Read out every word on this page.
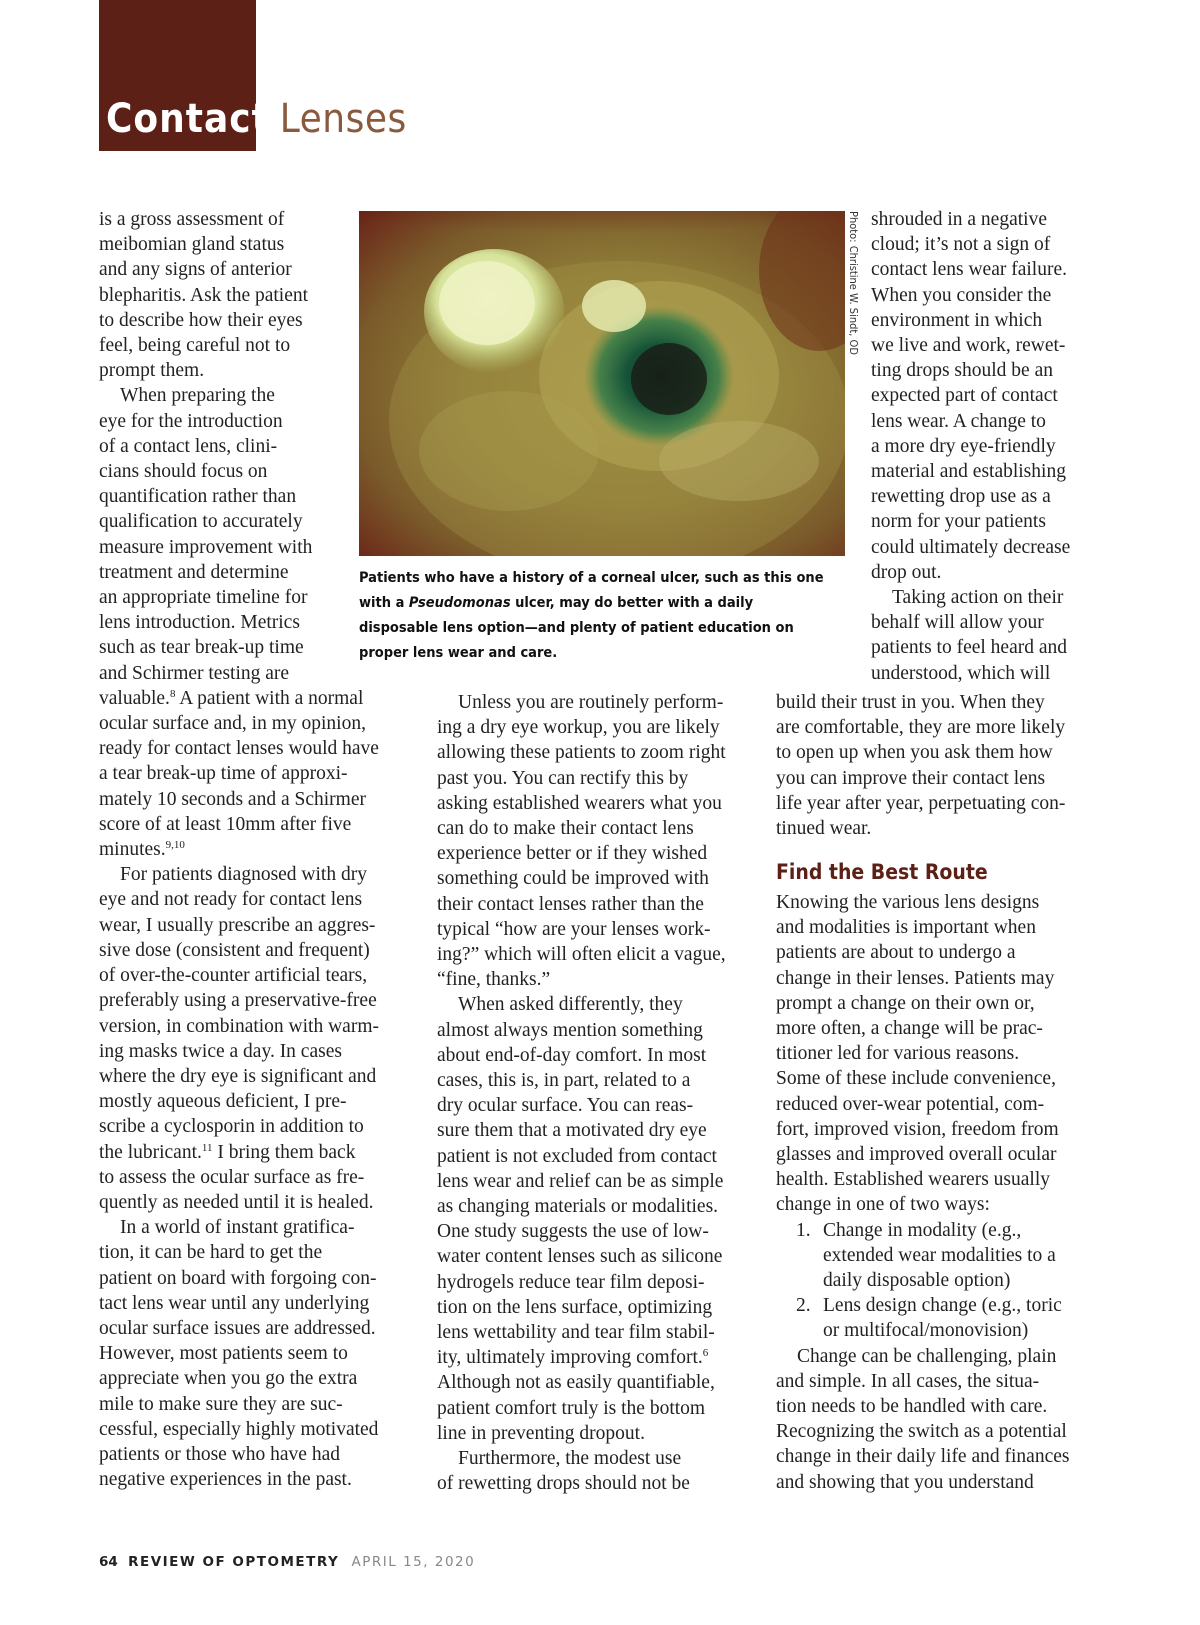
Contact Lenses

is a gross assessment of
meibomian gland status
and any signs of anterior
blepharitis. Ask the patient
to describe how their eyes
feel, being careful not to
prompt them.

When preparing the
eye for the introduction
of a contact lens, clini-
cians should focus on
quantification rather than
qualification to accurately
measure improvement with
treatment and determine
an appropriate timeline for
lens introduction. Metrics
such as tear break-up time
and Schirmer testing are
valuable.$^8$ A patient with a normal
ocular surface and, in my opinion,
ready for contact lenses would have
a tear break-up time of approxi-
mately 10 seconds and a Schirmer
score of at least 10mm after five
minutes.$^{9,10}$

For patients diagnosed with dry
eye and not ready for contact lens
wear, I usually prescribe an aggres-
sive dose (consistent and frequent)
of over-the-counter artificial tears,
preferably using a preservative-free
version, in combination with warm-
ing masks twice a day. In cases
where the dry eye is significant and
mostly aqueous deficient, I pre-
scribe a cyclosporin in addition to
the lubricant.$^{11}$ I bring them back
to assess the ocular surface as fre-
quently as needed until it is healed.

In a world of instant gratifica-
tion, it can be hard to get the
patient on board with forgoing con-
tact lens wear until any underlying
ocular surface issues are addressed.
However, most patients seem to
appreciate when you go the extra
mile to make sure they are suc-
cessful, especially highly motivated
patients or those who have had
negative experiences in the past.

Photo: Christine W. Sindt, OD
Patients who have a history of a corneal ulcer, such as this one with a Pseudomonas ulcer, may do better with a daily disposable lens option—and plenty of patient education on proper lens wear and care.

Unless you are routinely perform-
ing a dry eye workup, you are likely
allowing these patients to zoom right
past you. You can rectify this by
asking established wearers what you
can do to make their contact lens
experience better or if they wished
something could be improved with
their contact lenses rather than the
typical “how are your lenses work-
ing?” which will often elicit a vague,
“fine, thanks.”

When asked differently, they
almost always mention something
about end-of-day comfort. In most
cases, this is, in part, related to a
dry ocular surface. You can reas-
sure them that a motivated dry eye
patient is not excluded from contact
lens wear and relief can be as simple
as changing materials or modalities.
One study suggests the use of low-
water content lenses such as silicone
hydrogels reduce tear film deposi-
tion on the lens surface, optimizing
lens wettability and tear film stabil-
ity, ultimately improving comfort.$^6$
Although not as easily quantifiable,
patient comfort truly is the bottom
line in preventing dropout.

Furthermore, the modest use
of rewetting drops should not be

shrouded in a negative
cloud; it’s not a sign of
contact lens wear failure.
When you consider the
environment in which
we live and work, rewet-
ting drops should be an
expected part of contact
lens wear. A change to
a more dry eye-friendly
material and establishing
rewetting drop use as a
norm for your patients
could ultimately decrease
drop out.

Taking action on their
behalf will allow your
patients to feel heard and
understood, which will

build their trust in you. When they
are comfortable, they are more likely
to open up when you ask them how
you can improve their contact lens
life year after year, perpetuating con-
tinued wear.

Find the Best Route

Knowing the various lens designs
and modalities is important when
patients are about to undergo a
change in their lenses. Patients may
prompt a change on their own or,
more often, a change will be prac-
titioner led for various reasons.
Some of these include convenience,
reduced over-wear potential, com-
fort, improved vision, freedom from
glasses and improved overall ocular
health. Established wearers usually
change in one of two ways:

1. Change in modality (e.g.,
extended wear modalities to a
daily disposable option)
2. Lens design change (e.g., toric
or multifocal/monovision)

Change can be challenging, plain
and simple. In all cases, the situa-
tion needs to be handled with care.
Recognizing the switch as a potential
change in their daily life and finances
and showing that you understand

64 REVIEW OF OPTOMETRY APRIL 15, 2020
